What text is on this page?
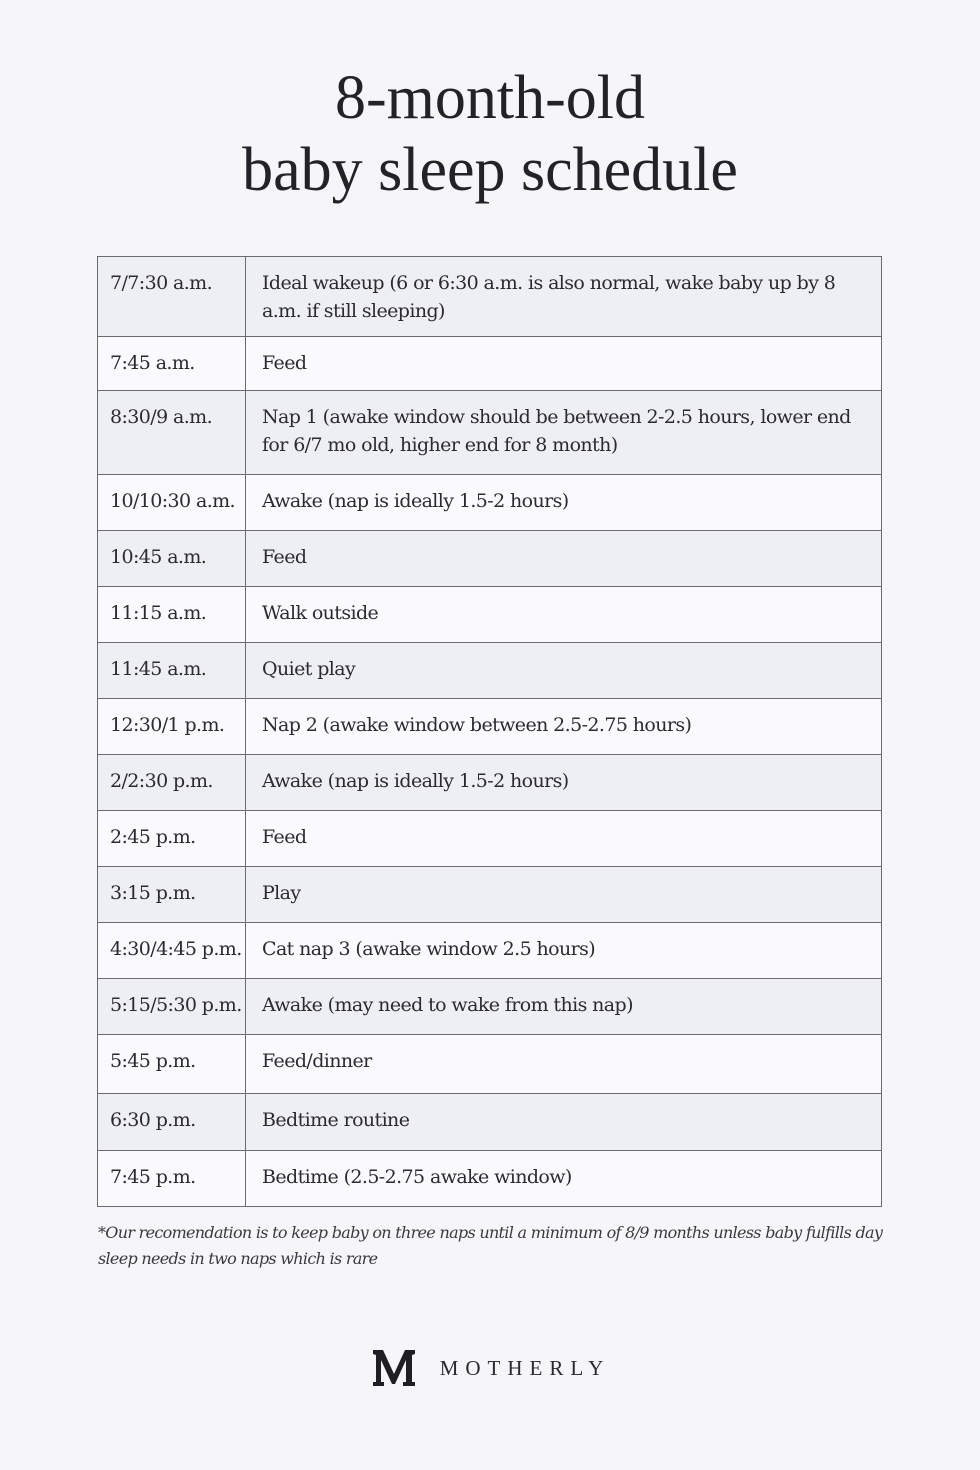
8-month-old
baby sleep schedule
7/7:30 a.m.	Ideal wakeup (6 or 6:30 a.m. is also normal, wake baby up by 8 a.m. if still sleeping)
7:45 a.m.	Feed
8:30/9 a.m.	Nap 1 (awake window should be between 2-2.5 hours, lower end for 6/7 mo old, higher end for 8 month)
10/10:30 a.m.	Awake (nap is ideally 1.5-2 hours)
10:45 a.m.	Feed
11:15 a.m.	Walk outside
11:45 a.m.	Quiet play
12:30/1 p.m.	Nap 2 (awake window between 2.5-2.75 hours)
2/2:30 p.m.	Awake (nap is ideally 1.5-2 hours)
2:45 p.m.	Feed
3:15 p.m.	Play
4:30/4:45 p.m.	Cat nap 3 (awake window 2.5 hours)
5:15/5:30 p.m.	Awake (may need to wake from this nap)
5:45 p.m.	Feed/dinner
6:30 p.m.	Bedtime routine
7:45 p.m.	Bedtime (2.5-2.75 awake window)
*Our recomendation is to keep baby on three naps until a minimum of 8/9 months unless baby fulfills day sleep needs in two naps which is rare
MOTHERLY
